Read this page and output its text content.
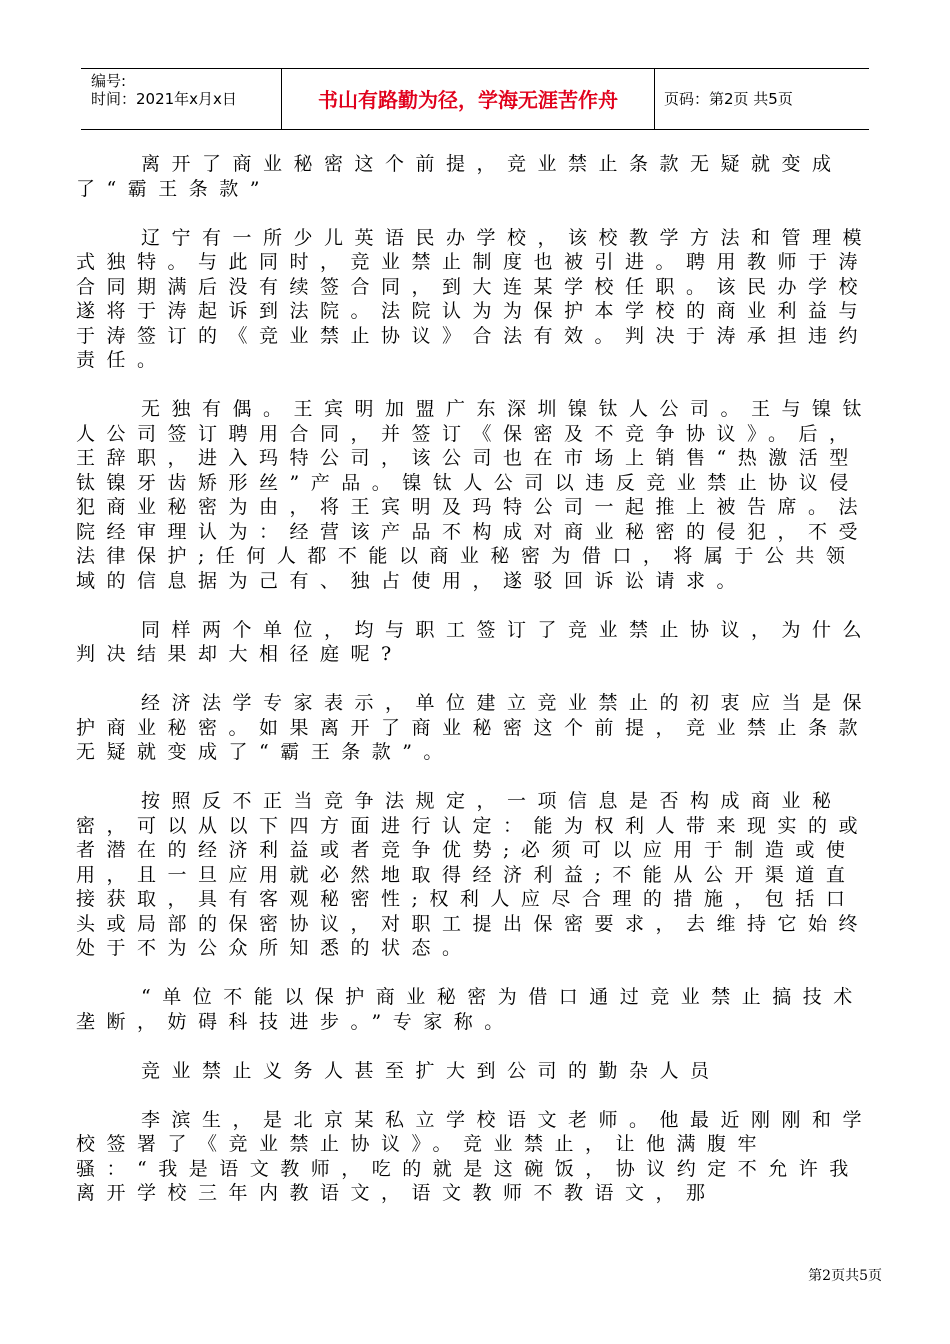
编号:
时间：2021年x月x日	书山有路勤为径，学海无涯苦作舟	页码：第2页 共5页

离开了商业秘密这个前提，竞业禁止条款无疑就变成了“霸王条款”

辽宁有一所少儿英语民办学校，该校教学方法和管理模式独特。与此同时，竞业禁止制度也被引进。聘用教师于涛合同期满后没有续签合同，到大连某学校任职。该民办学校遂将于涛起诉到法院。法院认为为保护本学校的商业利益与于涛签订的《竞业禁止协议》合法有效。判决于涛承担违约责任。

无独有偶。王宾明加盟广东深圳镍钛人公司。王与镍钛人公司签订聘用合同，并签订《保密及不竞争协议》。后，王辞职，进入玛特公司，该公司也在市场上销售“热激活型钛镍牙齿矫形丝”产品。镍钛人公司以违反竞业禁止协议侵犯商业秘密为由，将王宾明及玛特公司一起推上被告席。法院经审理认为：经营该产品不构成对商业秘密的侵犯，不受法律保护;任何人都不能以商业秘密为借口，将属于公共领域的信息据为己有、独占使用，遂驳回诉讼请求。

同样两个单位，均与职工签订了竞业禁止协议，为什么判决结果却大相径庭呢?

经济法学专家表示，单位建立竞业禁止的初衷应当是保护商业秘密。如果离开了商业秘密这个前提，竞业禁止条款无疑就变成了“霸王条款”。

按照反不正当竞争法规定，一项信息是否构成商业秘密，可以从以下四方面进行认定：能为权利人带来现实的或者潜在的经济利益或者竞争优势;必须可以应用于制造或使用，且一旦应用就必然地取得经济利益;不能从公开渠道直接获取，具有客观秘密性;权利人应尽合理的措施，包括口头或局部的保密协议，对职工提出保密要求，去维持它始终处于不为公众所知悉的状态。

“单位不能以保护商业秘密为借口通过竞业禁止搞技术垄断，妨碍科技进步。”专家称。

竞业禁止义务人甚至扩大到公司的勤杂人员

李滨生，是北京某私立学校语文老师。他最近刚刚和学校签署了《竞业禁止协议》。竞业禁止，让他满腹牢骚：“我是语文教师，吃的就是这碗饭，协议约定不允许我离开学校三年内教语文，语文教师不教语文，那

第2页共5页
